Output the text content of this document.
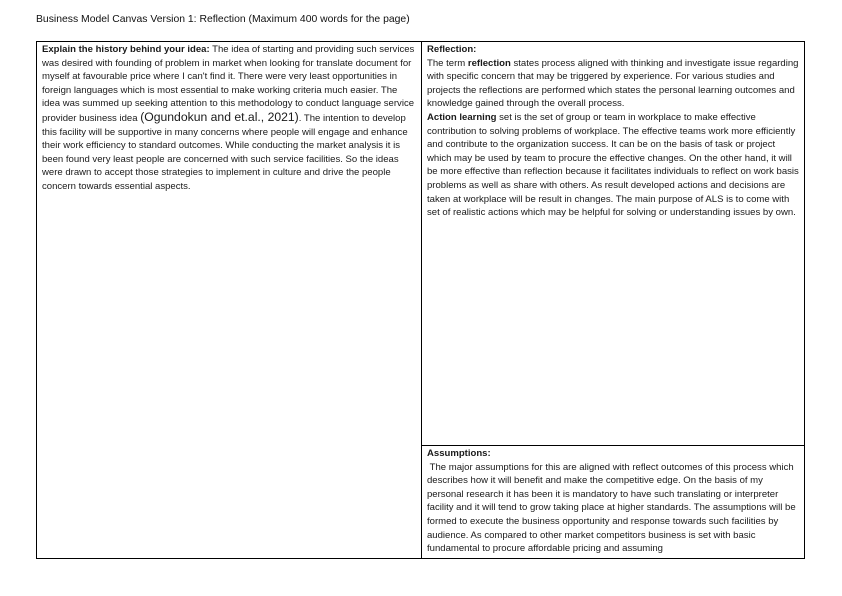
Business Model Canvas Version 1: Reflection (Maximum 400 words for the page)

Explain the history behind your idea: The idea of starting and providing such services was desired with founding of problem in market when looking for translate document for myself at favourable price where I can't find it. There were very least opportunities in foreign languages which is most essential to make working criteria much easier. The idea was summed up seeking attention to this methodology to conduct language service provider business idea (Ogundokun and et.al., 2021). The intention to develop this facility will be supportive in many concerns where people will engage and enhance their work efficiency to standard outcomes. While conducting the market analysis it is been found very least people are concerned with such service facilities. So the ideas were drawn to accept those strategies to implement in culture and drive the people concern towards essential aspects.

Reflection:

The term reflection states process aligned with thinking and investigate issue regarding with specific concern that may be triggered by experience. For various studies and projects the reflections are performed which states the personal learning outcomes and knowledge gained through the overall process.

Action learning set is the set of group or team in workplace to make effective contribution to solving problems of workplace. The effective teams work more efficiently and contribute to the organization success. It can be on the basis of task or project which may be used by team to procure the effective changes. On the other hand, it will be more effective than reflection because it facilitates individuals to reflect on work basis problems as well as share with others. As result developed actions and decisions are taken at workplace will be result in changes. The main purpose of ALS is to come with set of realistic actions which may be helpful for solving or understanding issues by own.

Assumptions:

The major assumptions for this are aligned with reflect outcomes of this process which describes how it will benefit and make the competitive edge. On the basis of my personal research it has been it is mandatory to have such translating or interpreter facility and it will tend to grow taking place at higher standards. The assumptions will be formed to execute the business opportunity and response towards such facilities by audience. As compared to other market competitors business is set with basic fundamental to procure affordable pricing and assuming
